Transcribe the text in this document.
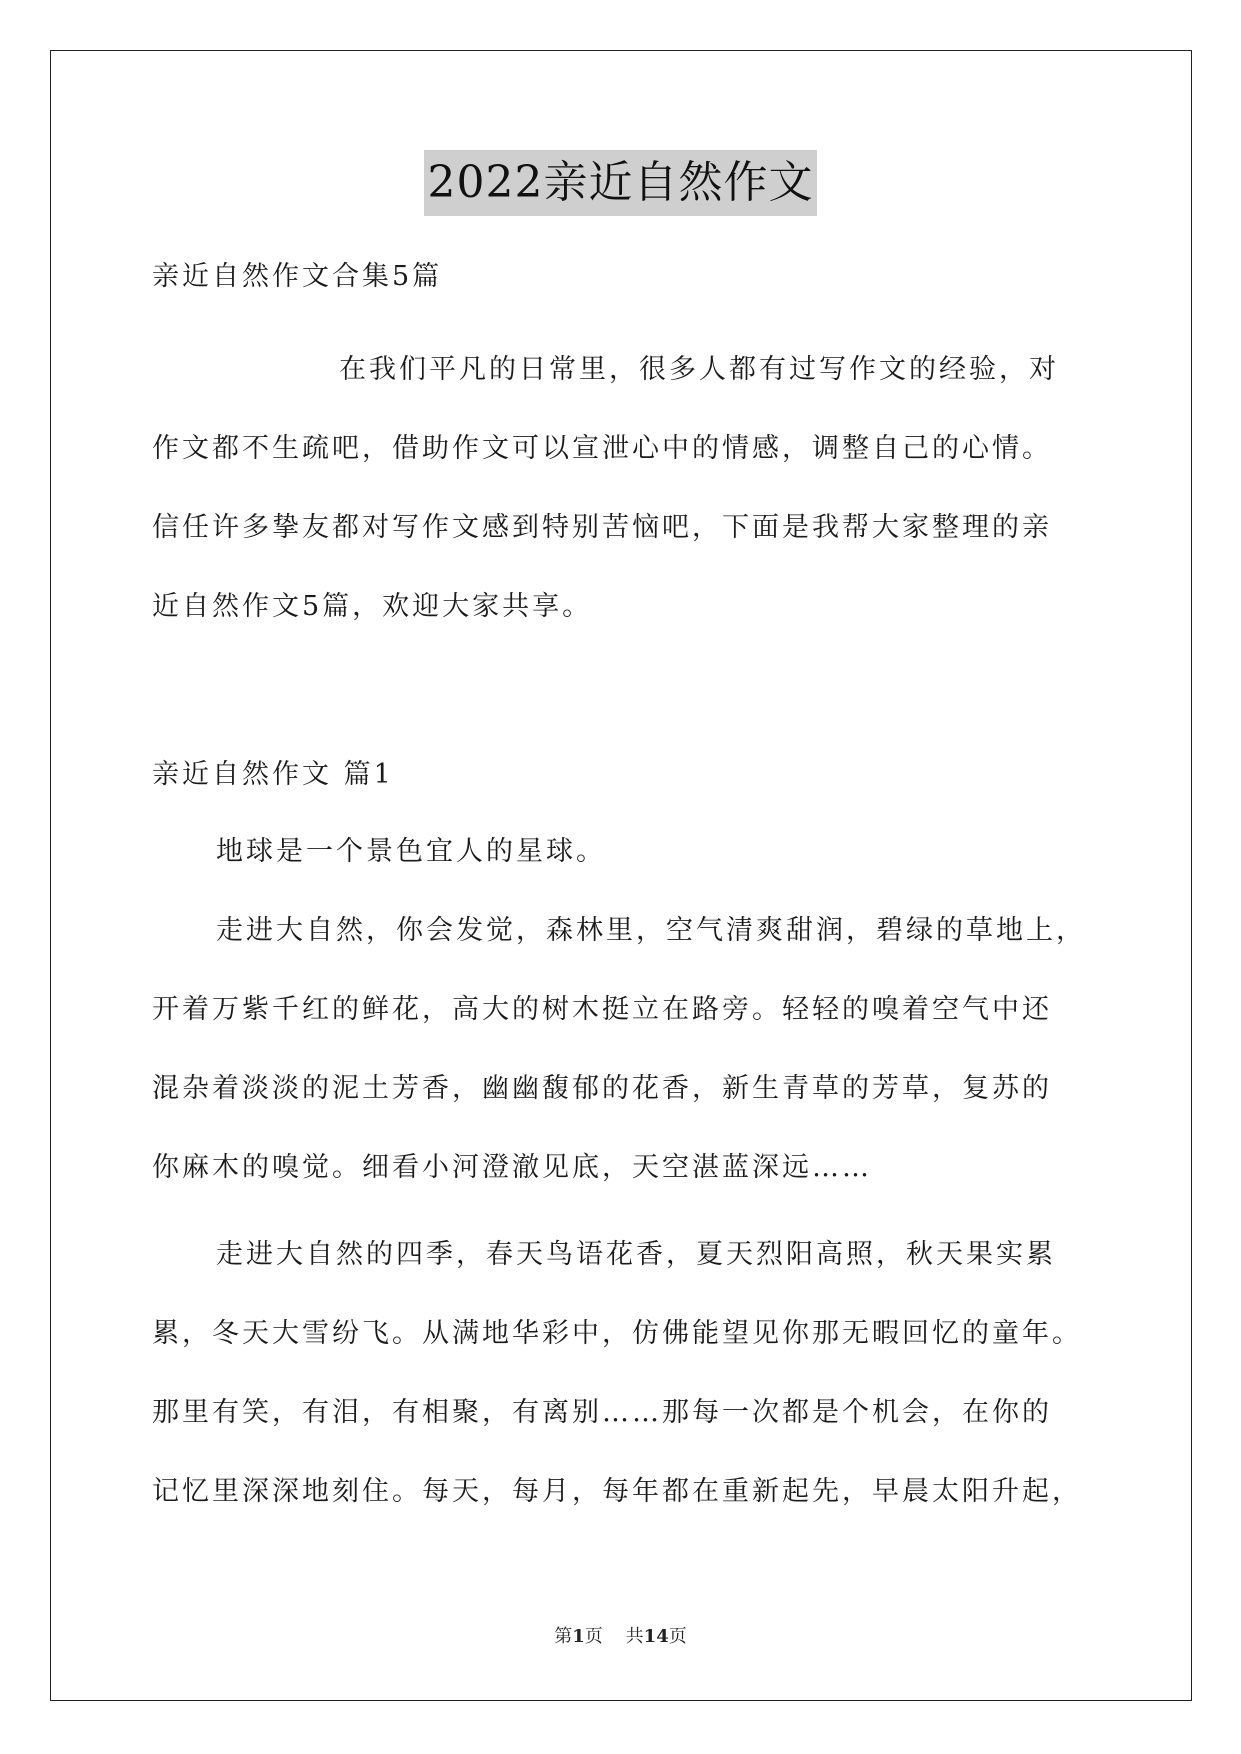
2022亲近自然作文

亲近自然作文合集5篇

在我们平凡的日常里，很多人都有过写作文的经验，对
作文都不生疏吧，借助作文可以宣泄心中的情感，调整自己的心情。
信任许多挚友都对写作文感到特别苦恼吧，下面是我帮大家整理的亲
近自然作文5篇，欢迎大家共享。

亲近自然作文 篇1

地球是一个景色宜人的星球。

走进大自然，你会发觉，森林里，空气清爽甜润，碧绿的草地上，
开着万紫千红的鲜花，高大的树木挺立在路旁。轻轻的嗅着空气中还
混杂着淡淡的泥土芳香，幽幽馥郁的花香，新生青草的芳草，复苏的
你麻木的嗅觉。细看小河澄澈见底，天空湛蓝深远……
走进大自然的四季，春天鸟语花香，夏天烈阳高照，秋天果实累
累，冬天大雪纷飞。从满地华彩中，仿佛能望见你那无暇回忆的童年。
那里有笑，有泪，有相聚，有离别……那每一次都是个机会，在你的
记忆里深深地刻住。每天，每月，每年都在重新起先，早晨太阳升起，
第1页 共14页
